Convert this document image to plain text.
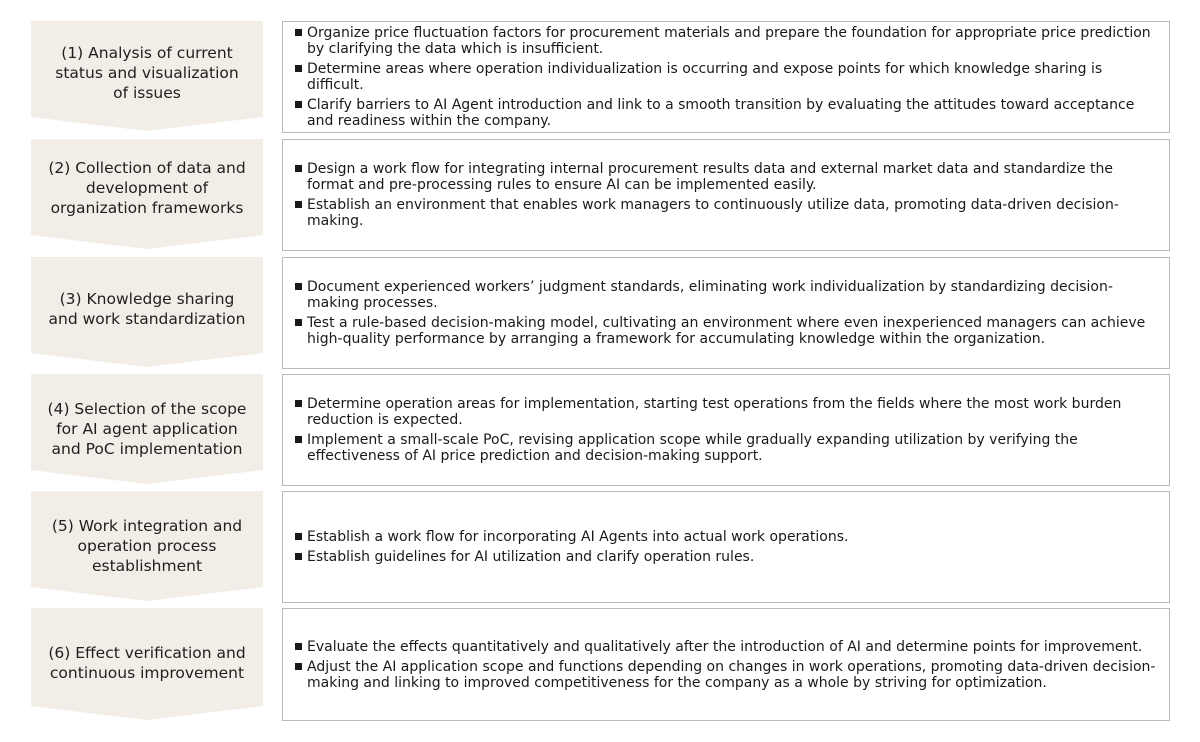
(1) Analysis of current
status and visualization
of issues
Organize price fluctuation factors for procurement materials and prepare the foundation for appropriate price prediction by clarifying the data which is insufficient.
Determine areas where operation individualization is occurring and expose points for which knowledge sharing is difficult.
Clarify barriers to AI Agent introduction and link to a smooth transition by evaluating the attitudes toward acceptance and readiness within the company.
(2) Collection of data and
development of
organization frameworks
Design a work flow for integrating internal procurement results data and external market data and standardize the format and pre-processing rules to ensure AI can be implemented easily.
Establish an environment that enables work managers to continuously utilize data, promoting data-driven decision-making.
(3) Knowledge sharing
and work standardization
Document experienced workers’ judgment standards, eliminating work individualization by standardizing decision-making processes.
Test a rule-based decision-making model, cultivating an environment where even inexperienced managers can achieve high-quality performance by arranging a framework for accumulating knowledge within the organization.
(4) Selection of the scope
for AI agent application
and PoC implementation
Determine operation areas for implementation, starting test operations from the fields where the most work burden reduction is expected.
Implement a small-scale PoC, revising application scope while gradually expanding utilization by verifying the effectiveness of AI price prediction and decision-making support.
(5) Work integration and
operation process
establishment
Establish a work flow for incorporating AI Agents into actual work operations.
Establish guidelines for AI utilization and clarify operation rules.
(6) Effect verification and
continuous improvement
Evaluate the effects quantitatively and qualitatively after the introduction of AI and determine points for improvement.
Adjust the AI application scope and functions depending on changes in work operations, promoting data-driven decision-making and linking to improved competitiveness for the company as a whole by striving for optimization.
